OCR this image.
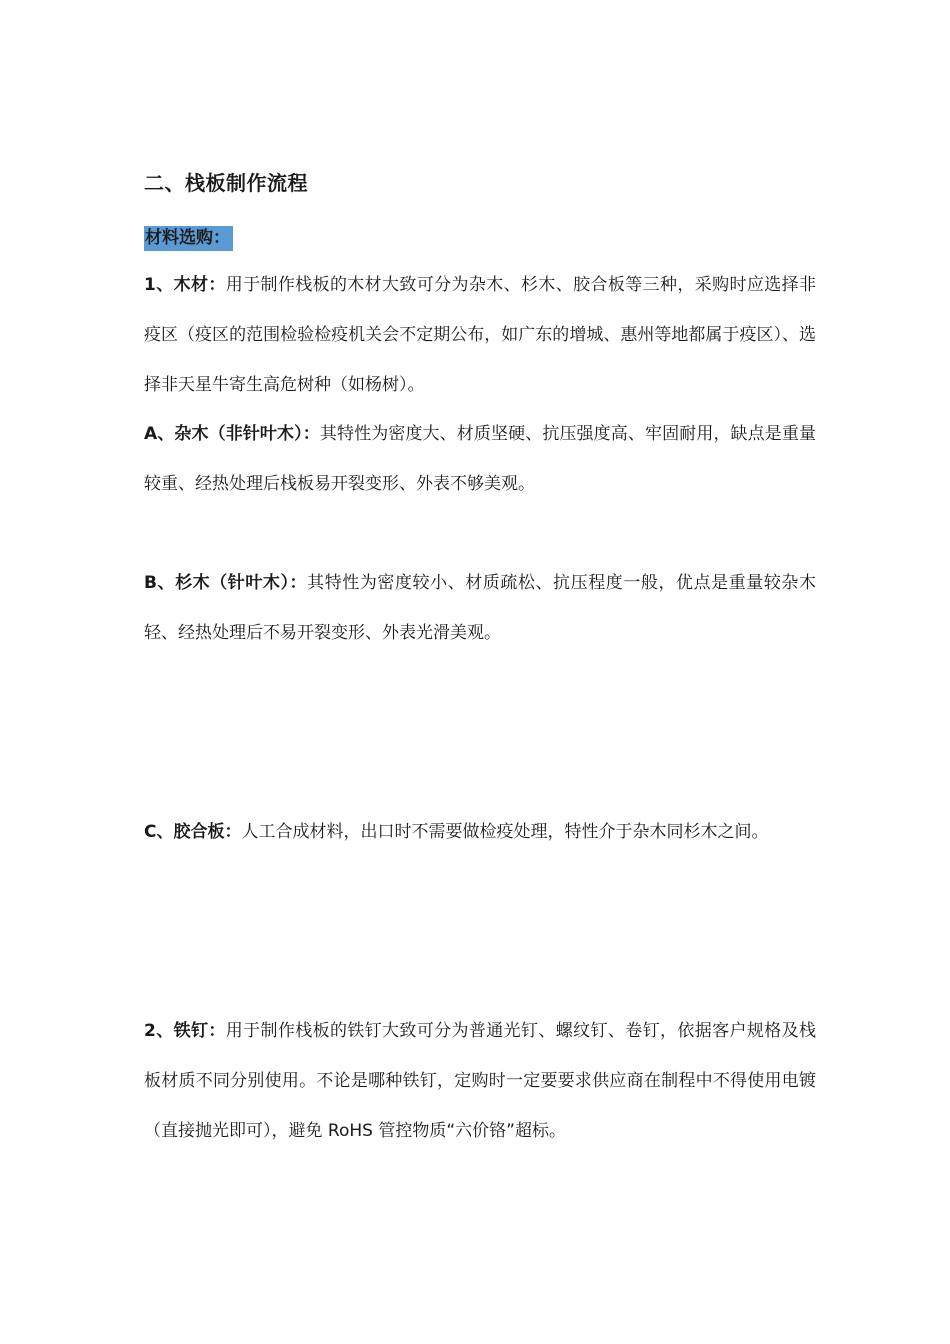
二、栈板制作流程
材料选购：
1、木材：用于制作栈板的木材大致可分为杂木、杉木、胶合板等三种，采购时应选择非疫区（疫区的范围检验检疫机关会不定期公布，如广东的增城、惠州等地都属于疫区）、选择非天星牛寄生高危树种（如杨树）。
A、杂木（非针叶木）：其特性为密度大、材质坚硬、抗压强度高、牢固耐用，缺点是重量较重、经热处理后栈板易开裂变形、外表不够美观。
B、杉木（针叶木）：其特性为密度较小、材质疏松、抗压程度一般，优点是重量较杂木轻、经热处理后不易开裂变形、外表光滑美观。
C、胶合板：人工合成材料，出口时不需要做检疫处理，特性介于杂木同杉木之间。
2、铁钉：用于制作栈板的铁钉大致可分为普通光钉、螺纹钉、卷钉，依据客户规格及栈板材质不同分别使用。不论是哪种铁钉，定购时一定要要求供应商在制程中不得使用电镀（直接抛光即可），避免 RoHS 管控物质“六价铬”超标。
